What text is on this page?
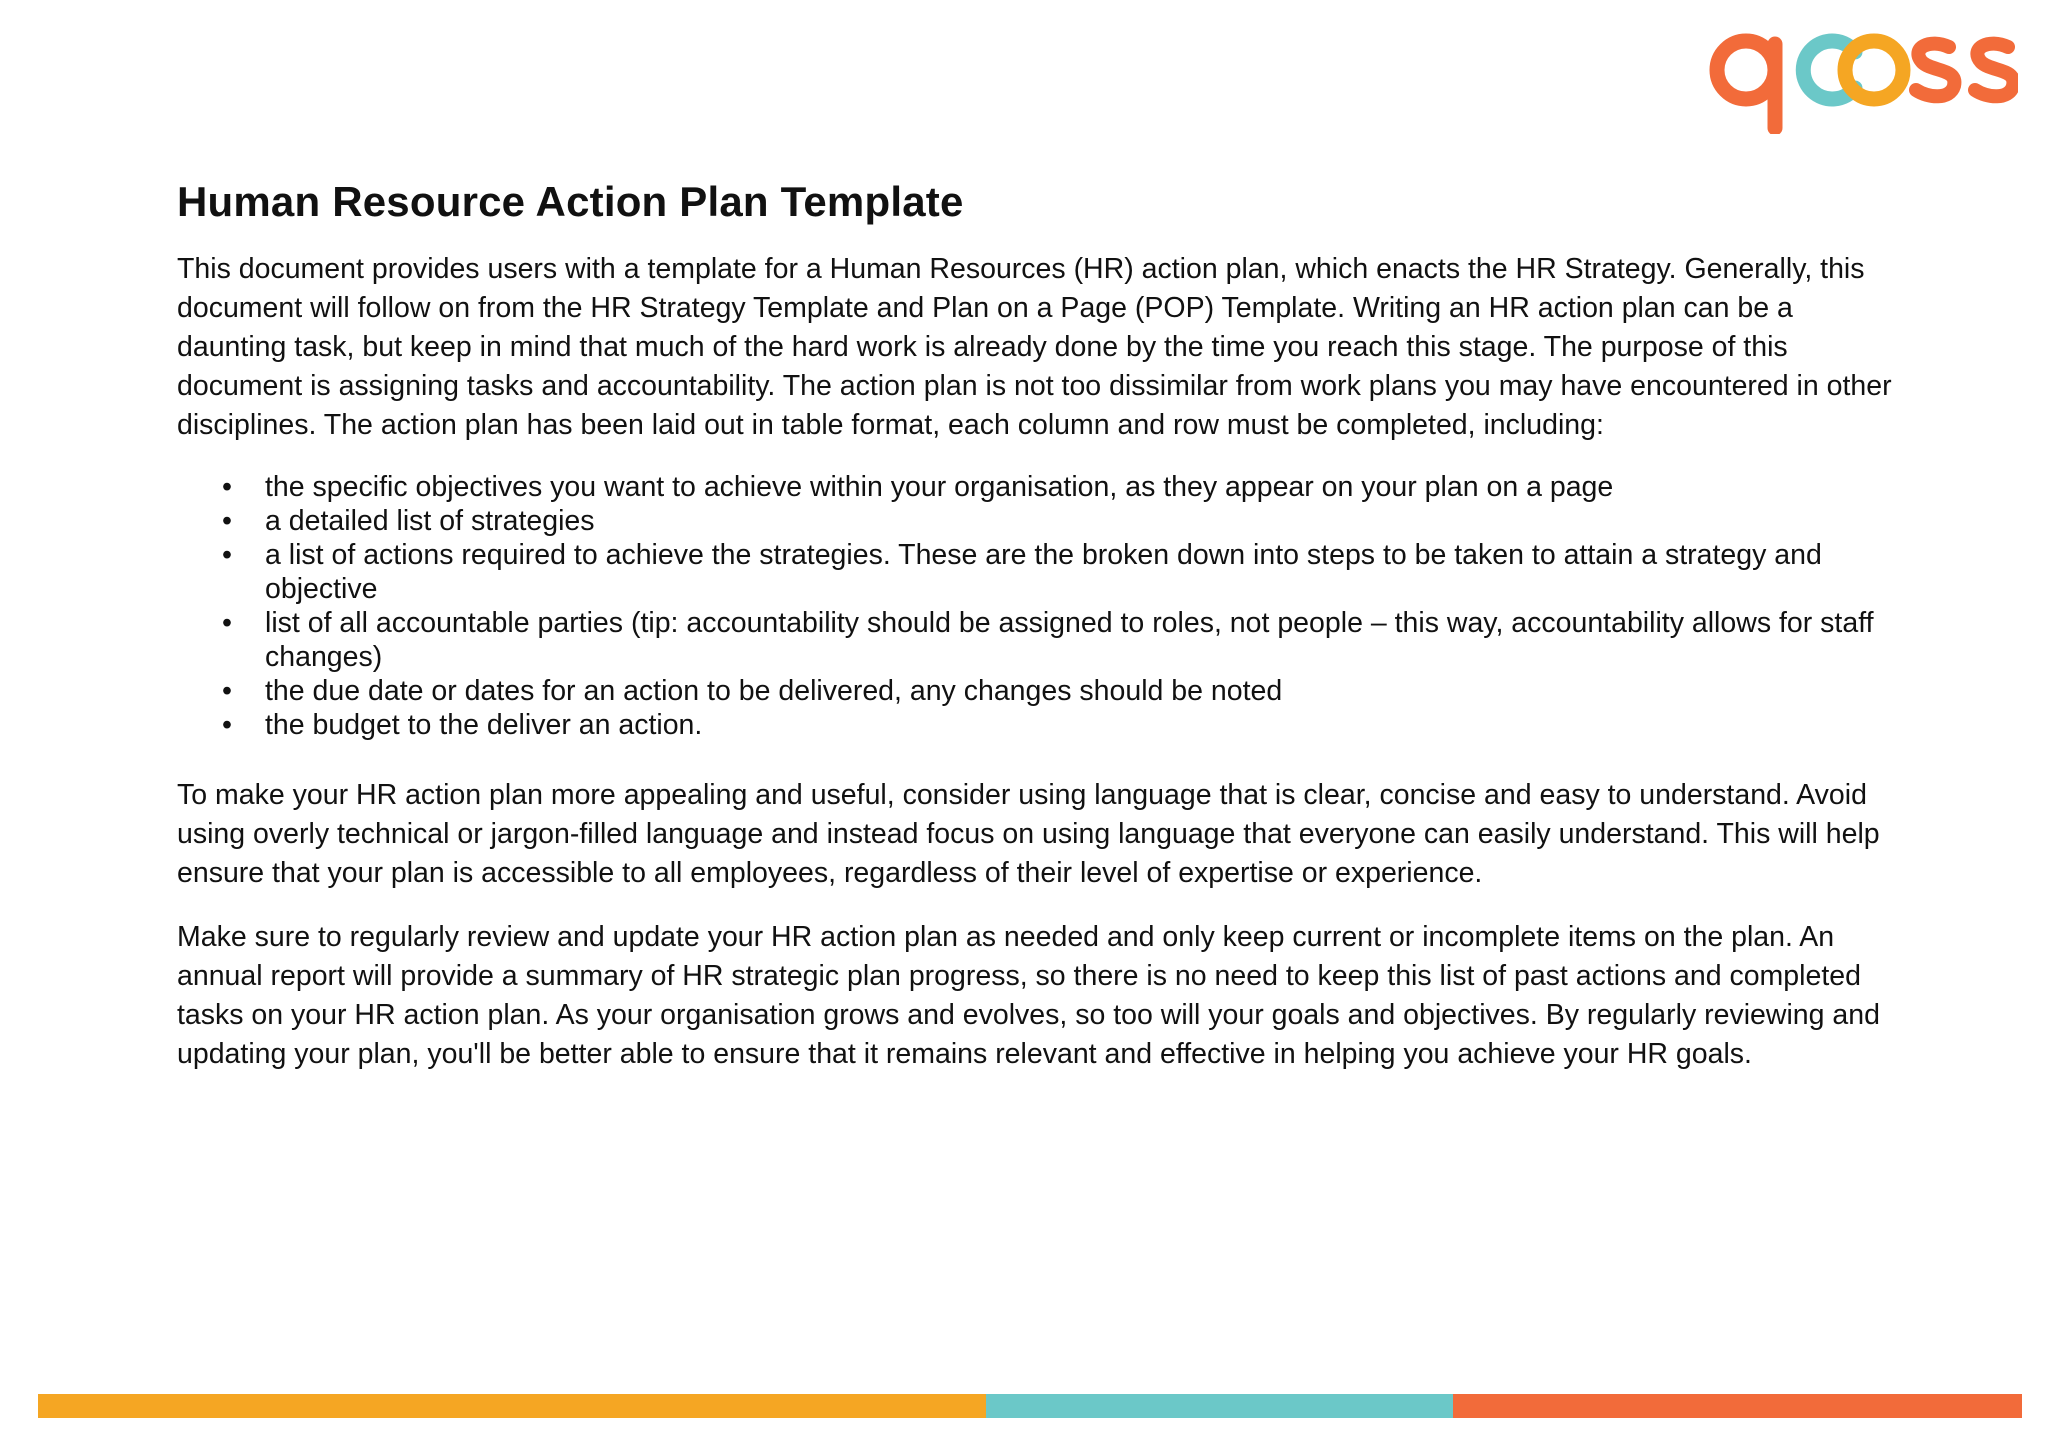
Human Resource Action Plan Template

This document provides users with a template for a Human Resources (HR) action plan, which enacts the HR Strategy. Generally, this document will follow on from the HR Strategy Template and Plan on a Page (POP) Template. Writing an HR action plan can be a daunting task, but keep in mind that much of the hard work is already done by the time you reach this stage. The purpose of this document is assigning tasks and accountability. The action plan is not too dissimilar from work plans you may have encountered in other disciplines. The action plan has been laid out in table format, each column and row must be completed, including:

• the specific objectives you want to achieve within your organisation, as they appear on your plan on a page
• a detailed list of strategies
• a list of actions required to achieve the strategies. These are the broken down into steps to be taken to attain a strategy and objective
• list of all accountable parties (tip: accountability should be assigned to roles, not people – this way, accountability allows for staff changes)
• the due date or dates for an action to be delivered, any changes should be noted
• the budget to the deliver an action.

To make your HR action plan more appealing and useful, consider using language that is clear, concise and easy to understand. Avoid using overly technical or jargon-filled language and instead focus on using language that everyone can easily understand. This will help ensure that your plan is accessible to all employees, regardless of their level of expertise or experience.

Make sure to regularly review and update your HR action plan as needed and only keep current or incomplete items on the plan. An annual report will provide a summary of HR strategic plan progress, so there is no need to keep this list of past actions and completed tasks on your HR action plan. As your organisation grows and evolves, so too will your goals and objectives. By regularly reviewing and updating your plan, you'll be better able to ensure that it remains relevant and effective in helping you achieve your HR goals.
